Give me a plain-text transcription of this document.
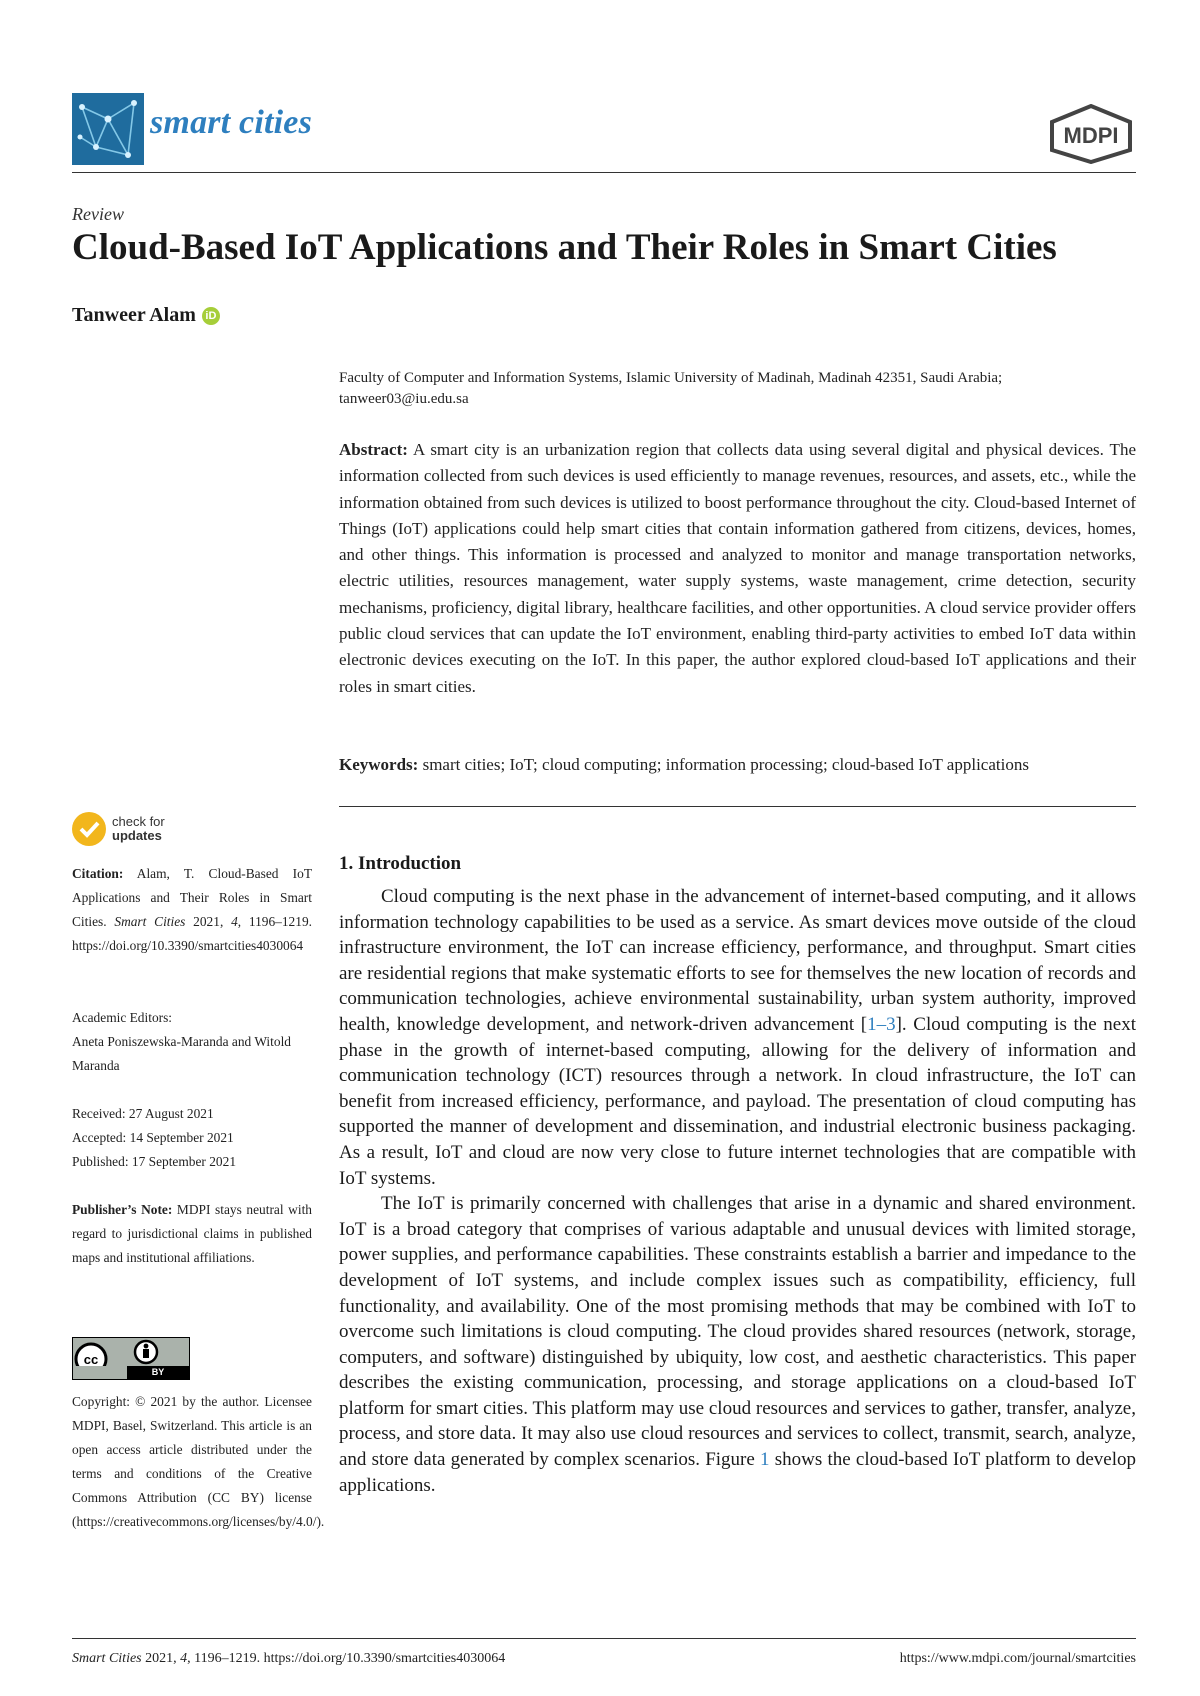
smart cities	MDPI
Review
Cloud-Based IoT Applications and Their Roles in Smart Cities
Tanweer Alam iD
Faculty of Computer and Information Systems, Islamic University of Madinah, Madinah 42351, Saudi Arabia;
tanweer03@iu.edu.sa
Abstract: A smart city is an urbanization region that collects data using several digital and physical devices. The information collected from such devices is used efficiently to manage revenues, resources, and assets, etc., while the information obtained from such devices is utilized to boost performance throughout the city. Cloud-based Internet of Things (IoT) applications could help smart cities that contain information gathered from citizens, devices, homes, and other things. This information is processed and analyzed to monitor and manage transportation networks, electric utilities, resources management, water supply systems, waste management, crime detection, security mechanisms, proficiency, digital library, healthcare facilities, and other opportunities. A cloud service provider offers public cloud services that can update the IoT environment, enabling third-party activities to embed IoT data within electronic devices executing on the IoT. In this paper, the author explored cloud-based IoT applications and their roles in smart cities.
Keywords: smart cities; IoT; cloud computing; information processing; cloud-based IoT applications
1. Introduction

Cloud computing is the next phase in the advancement of internet-based computing, and it allows information technology capabilities to be used as a service. As smart devices move outside of the cloud infrastructure environment, the IoT can increase efficiency, performance, and throughput. Smart cities are residential regions that make systematic efforts to see for themselves the new location of records and communication technologies, achieve environmental sustainability, urban system authority, improved health, knowledge development, and network-driven advancement [1–3]. Cloud computing is the next phase in the growth of internet-based computing, allowing for the delivery of information and communication technology (ICT) resources through a network. In cloud infrastructure, the IoT can benefit from increased efficiency, performance, and payload. The presentation of cloud computing has supported the manner of development and dissemination, and industrial electronic business packaging. As a result, IoT and cloud are now very close to future internet technologies that are compatible with IoT systems.

The IoT is primarily concerned with challenges that arise in a dynamic and shared environment. IoT is a broad category that comprises of various adaptable and unusual devices with limited storage, power supplies, and performance capabilities. These constraints establish a barrier and impedance to the development of IoT systems, and include complex issues such as compatibility, efficiency, full functionality, and availability. One of the most promising methods that may be combined with IoT to overcome such limitations is cloud computing. The cloud provides shared resources (network, storage, computers, and software) distinguished by ubiquity, low cost, and aesthetic characteristics. This paper describes the existing communication, processing, and storage applications on a cloud-based IoT platform for smart cities. This platform may use cloud resources and services to gather, transfer, analyze, process, and store data. It may also use cloud resources and services to collect, transmit, search, analyze, and store data generated by complex scenarios. Figure 1 shows the cloud-based IoT platform to develop applications.

check for
updates

Citation: Alam, T. Cloud-Based IoT Applications and Their Roles in Smart Cities. Smart Cities 2021, 4, 1196–1219. https://doi.org/10.3390/smartcities4030064

Academic Editors:

Aneta Poniszewska-Maranda and Witold Maranda

Received: 27 August 2021

Accepted: 14 September 2021

Published: 17 September 2021

Publisher’s Note: MDPI stays neutral with regard to jurisdictional claims in published maps and institutional affiliations.

cc
BY

Copyright: © 2021 by the author. Licensee MDPI, Basel, Switzerland. This article is an open access article distributed under the terms and conditions of the Creative Commons Attribution (CC BY) license (https://creativecommons.org/licenses/by/4.0/).

Smart Cities 2021, 4, 1196–1219. https://doi.org/10.3390/smartcities4030064	https://www.mdpi.com/journal/smartcities
